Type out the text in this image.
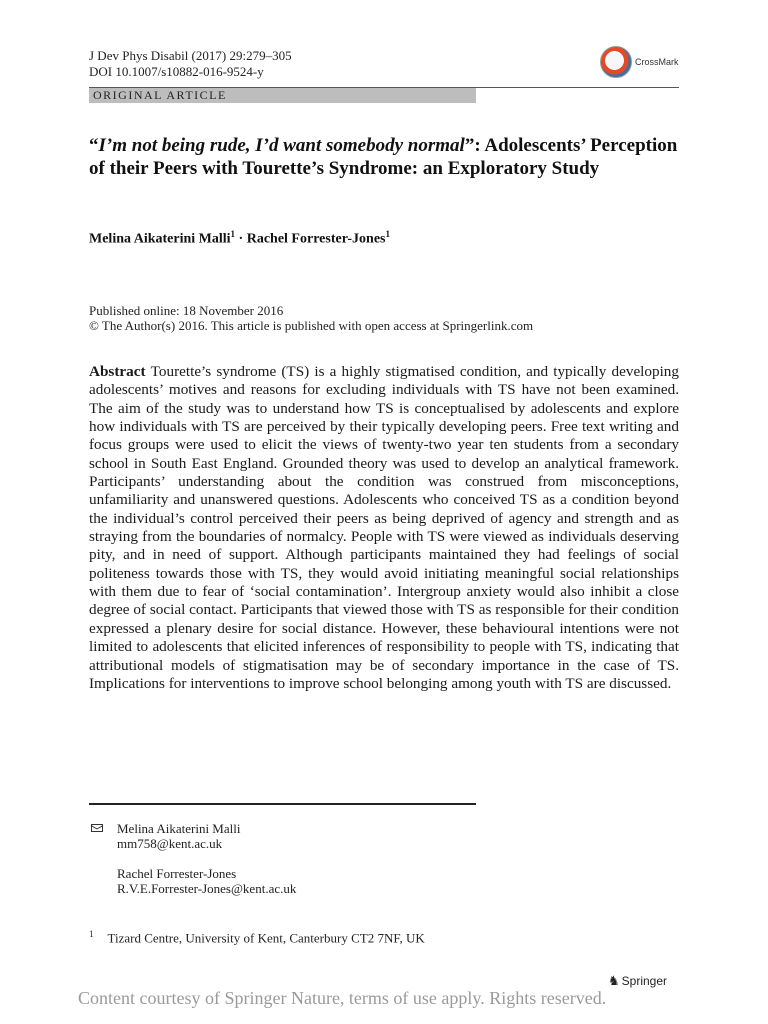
J Dev Phys Disabil (2017) 29:279–305
DOI 10.1007/s10882-016-9524-y
CrossMark
ORIGINAL ARTICLE
“I’m not being rude, I’d want somebody normal”: Adolescents’ Perception of their Peers with Tourette’s Syndrome: an Exploratory Study
Melina Aikaterini Malli$^1$ · Rachel Forrester-Jones$^1$
Published online: 18 November 2016
© The Author(s) 2016. This article is published with open access at Springerlink.com
Abstract Tourette’s syndrome (TS) is a highly stigmatised condition, and typically developing adolescents’ motives and reasons for excluding individuals with TS have not been examined. The aim of the study was to understand how TS is conceptualised by adolescents and explore how individuals with TS are perceived by their typically developing peers. Free text writing and focus groups were used to elicit the views of twenty-two year ten students from a secondary school in South East England. Grounded theory was used to develop an analytical framework. Participants’ understanding about the condition was construed from misconceptions, unfamiliarity and unanswered questions. Adolescents who conceived TS as a condition beyond the individual’s control perceived their peers as being deprived of agency and strength and as straying from the boundaries of normalcy. People with TS were viewed as individuals deserving pity, and in need of support. Although participants maintained they had feelings of social politeness towards those with TS, they would avoid initiating meaningful social relationships with them due to fear of ‘social contamination’. Intergroup anxiety would also inhibit a close degree of social contact. Participants that viewed those with TS as responsible for their condition expressed a plenary desire for social distance. However, these behavioural intentions were not limited to adolescents that elicited inferences of responsibility to people with TS, indicating that attributional models of stigmatisation may be of secondary importance in the case of TS. Implications for interventions to improve school belonging among youth with TS are discussed.
Melina Aikaterini Malli
mm758@kent.ac.uk
Rachel Forrester-Jones
R.V.E.Forrester-Jones@kent.ac.uk
$^1$ Tizard Centre, University of Kent, Canterbury CT2 7NF, UK
♞ Springer
Content courtesy of Springer Nature, terms of use apply. Rights reserved.
